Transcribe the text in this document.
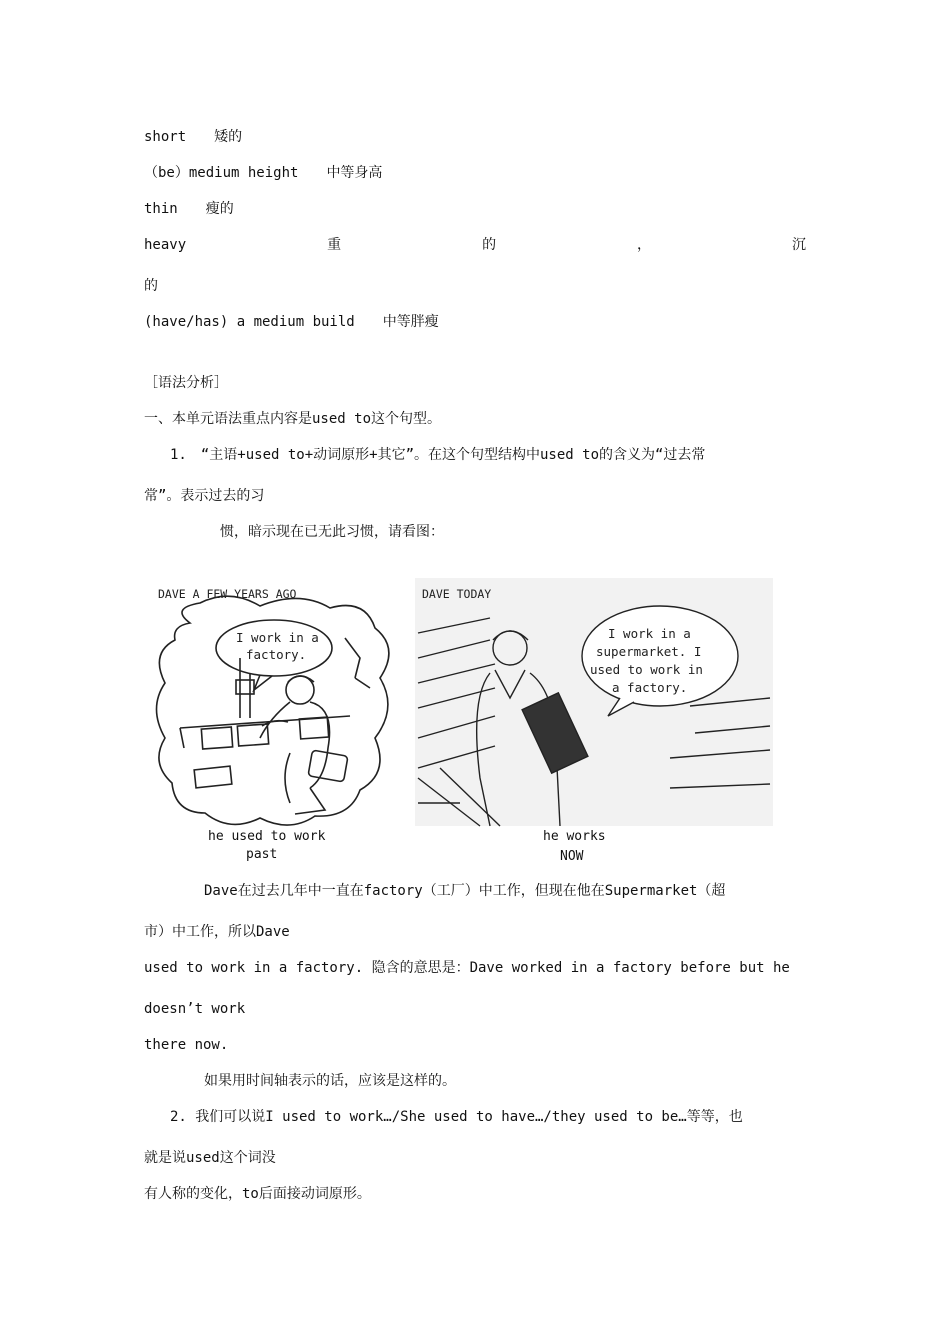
short　　 矮的
（be）medium height　　 中等身高
thin　　 瘦的
heavy	重	的	，	沉
的
(have/has) a medium build　　 中等胖瘦
［语法分析］
一、本单元语法重点内容是used to这个句型。
1.　“主语+used to+动词原形+其它”。在这个句型结构中used to的含义为“过去常
常”。表示过去的习
惯，暗示现在已无此习惯，请看图：
DAVE A FEW YEARS AGO
I work in a
factory.
he used to work
past
DAVE TODAY
I work in a
supermarket. I
used to work in
a factory.
he works
NOW
Dave在过去几年中一直在factory（工厂）中工作，但现在他在Supermarket（超
市）中工作，所以Dave
used to work in a factory. 隐含的意思是：Dave worked in a factory before but he
doesn’t work
there now.
如果用时间轴表示的话，应该是这样的。
2. 我们可以说I used to work…/She used to have…/they used to be…等等，也
就是说used这个词没
有人称的变化，to后面接动词原形。
